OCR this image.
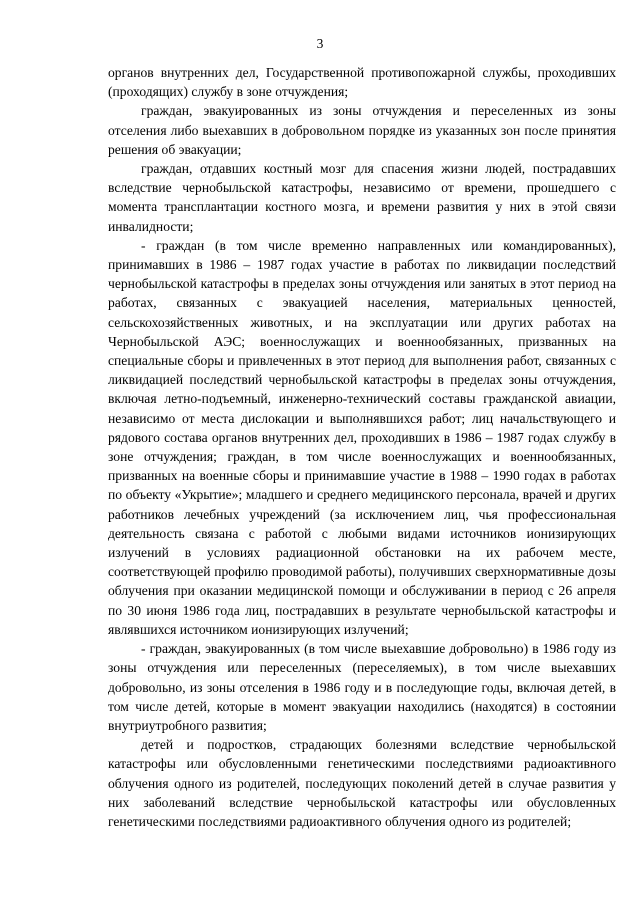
3

органов внутренних дел, Государственной противопожарной службы, проходивших (проходящих) службу в зоне отчуждения;

граждан, эвакуированных из зоны отчуждения и переселенных из зоны отселения либо выехавших в добровольном порядке из указанных зон после принятия решения об эвакуации;

граждан, отдавших костный мозг для спасения жизни людей, пострадавших вследствие чернобыльской катастрофы, независимо от времени, прошедшего с момента трансплантации костного мозга, и времени развития у них в этой связи инвалидности;

- граждан (в том числе временно направленных или командированных), принимавших в 1986 – 1987 годах участие в работах по ликвидации последствий чернобыльской катастрофы в пределах зоны отчуждения или занятых в этот период на работах, связанных с эвакуацией населения, материальных ценностей, сельскохозяйственных животных, и на эксплуатации или других работах на Чернобыльской АЭС; военнослужащих и военнообязанных, призванных на специальные сборы и привлеченных в этот период для выполнения работ, связанных с ликвидацией последствий чернобыльской катастрофы в пределах зоны отчуждения, включая летно-подъемный, инженерно-технический составы гражданской авиации, независимо от места дислокации и выполнявшихся работ; лиц начальствующего и рядового состава органов внутренних дел, проходивших в 1986 – 1987 годах службу в зоне отчуждения; граждан, в том числе военнослужащих и военнообязанных, призванных на военные сборы и принимавшие участие в 1988 – 1990 годах в работах по объекту «Укрытие»; младшего и среднего медицинского персонала, врачей и других работников лечебных учреждений (за исключением лиц, чья профессиональная деятельность связана с работой с любыми видами источников ионизирующих излучений в условиях радиационной обстановки на их рабочем месте, соответствующей профилю проводимой работы), получивших сверхнормативные дозы облучения при оказании медицинской помощи и обслуживании в период с 26 апреля по 30 июня 1986 года лиц, пострадавших в результате чернобыльской катастрофы и являвшихся источником ионизирующих излучений;

- граждан, эвакуированных (в том числе выехавшие добровольно) в 1986 году из зоны отчуждения или переселенных (переселяемых), в том числе выехавших добровольно, из зоны отселения в 1986 году и в последующие годы, включая детей, в том числе детей, которые в момент эвакуации находились (находятся) в состоянии внутриутробного развития;

детей и подростков, страдающих болезнями вследствие чернобыльской катастрофы или обусловленными генетическими последствиями радиоактивного облучения одного из родителей, последующих поколений детей в случае развития у них заболеваний вследствие чернобыльской катастрофы или обусловленных генетическими последствиями радиоактивного облучения одного из родителей;
